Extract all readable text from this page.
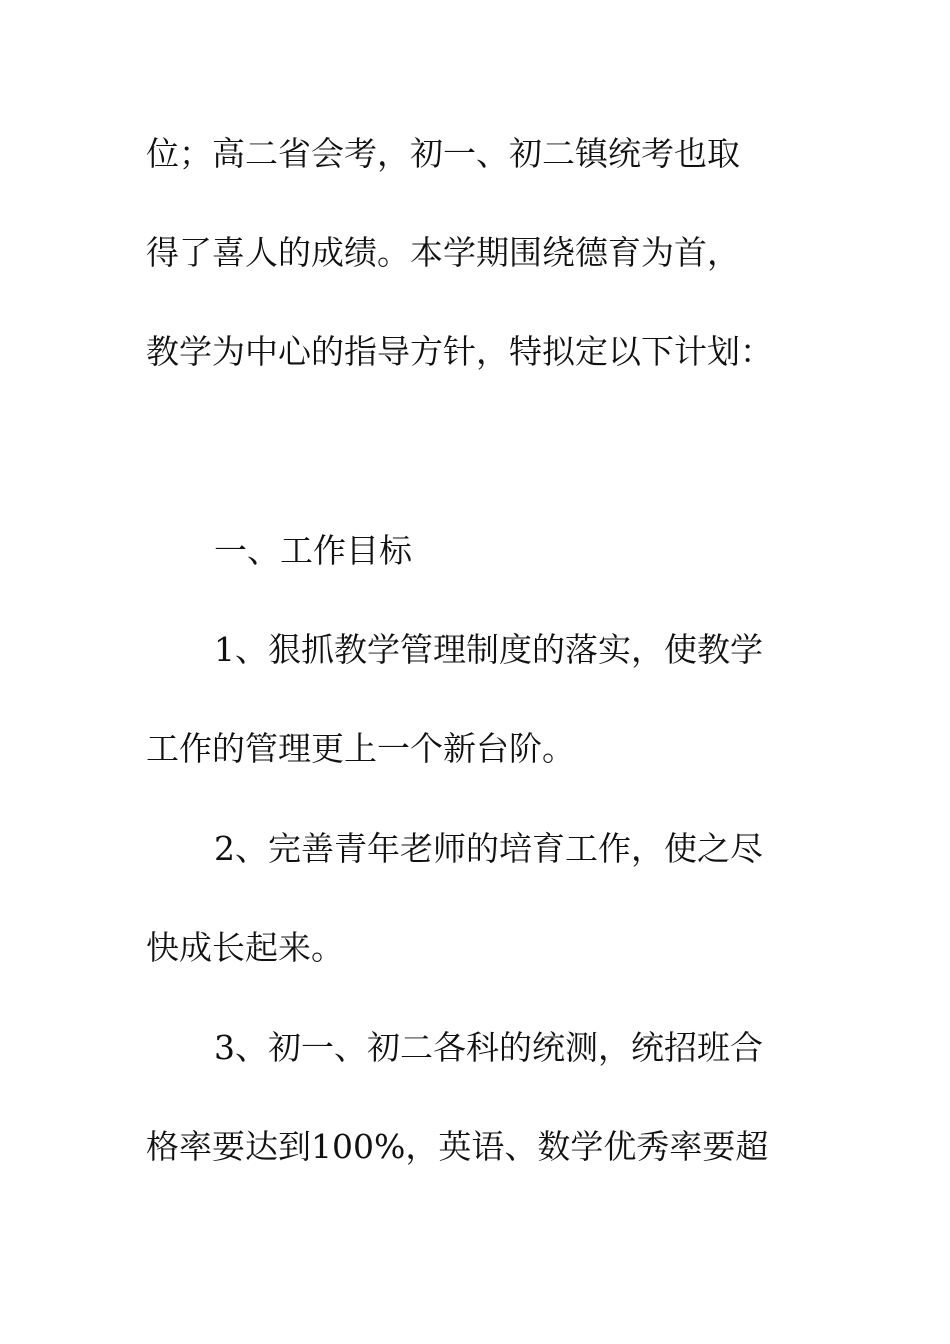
位；高二省会考，初一、初二镇统考也取
得了喜人的成绩。本学期围绕德育为首，
教学为中心的指导方针，特拟定以下计划：
一、工作目标
1、狠抓教学管理制度的落实，使教学
工作的管理更上一个新台阶。
2、完善青年老师的培育工作，使之尽
快成长起来。
3、初一、初二各科的统测，统招班合
格率要达到100%，英语、数学优秀率要超
